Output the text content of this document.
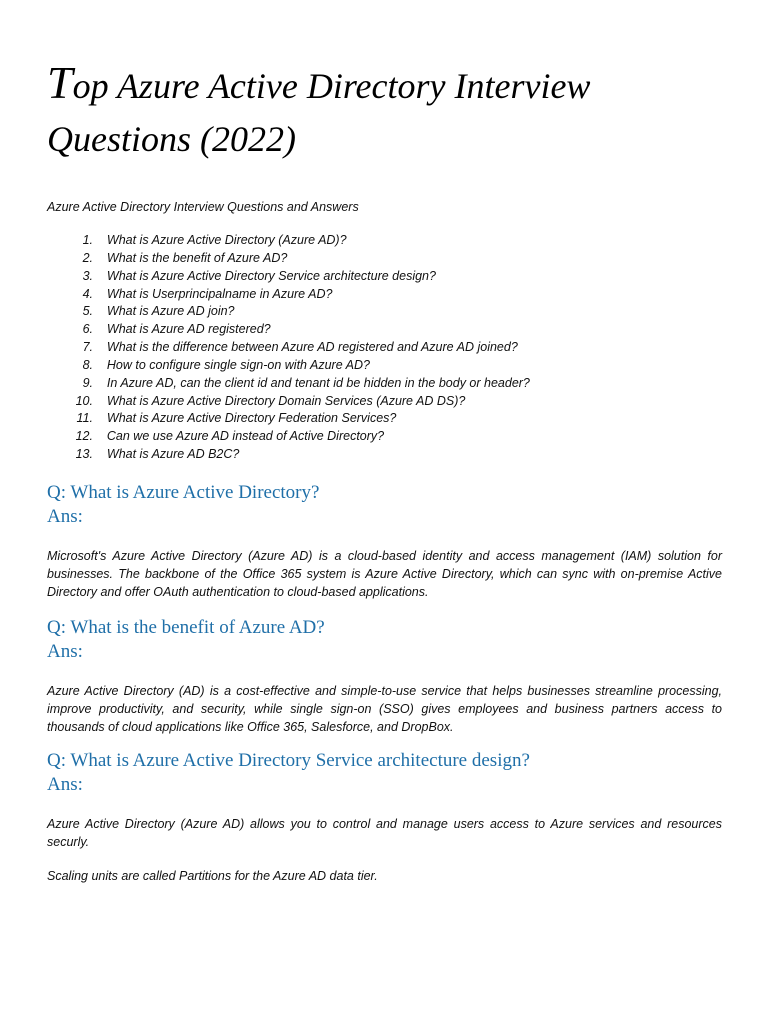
Top Azure Active Directory Interview Questions (2022)

Azure Active Directory Interview Questions and Answers

1. What is Azure Active Directory (Azure AD)?
2. What is the benefit of Azure AD?
3. What is Azure Active Directory Service architecture design?
4. What is Userprincipalname in Azure AD?
5. What is Azure AD join?
6. What is Azure AD registered?
7. What is the difference between Azure AD registered and Azure AD joined?
8. How to configure single sign-on with Azure AD?
9. In Azure AD, can the client id and tenant id be hidden in the body or header?
10. What is Azure Active Directory Domain Services (Azure AD DS)?
11. What is Azure Active Directory Federation Services?
12. Can we use Azure AD instead of Active Directory?
13. What is Azure AD B2C?
Q: What is Azure Active Directory?

Ans:

Microsoft's Azure Active Directory (Azure AD) is a cloud-based identity and access management (IAM) solution for businesses. The backbone of the Office 365 system is Azure Active Directory, which can sync with on-premise Active Directory and offer OAuth authentication to cloud-based applications.

Q: What is the benefit of Azure AD?

Ans:

Azure Active Directory (AD) is a cost-effective and simple-to-use service that helps businesses streamline processing, improve productivity, and security, while single sign-on (SSO) gives employees and business partners access to thousands of cloud applications like Office 365, Salesforce, and DropBox.

Q: What is Azure Active Directory Service architecture design?

Ans:

Azure Active Directory (Azure AD) allows you to control and manage users access to Azure services and resources securly.

Scaling units are called Partitions for the Azure AD data tier.
